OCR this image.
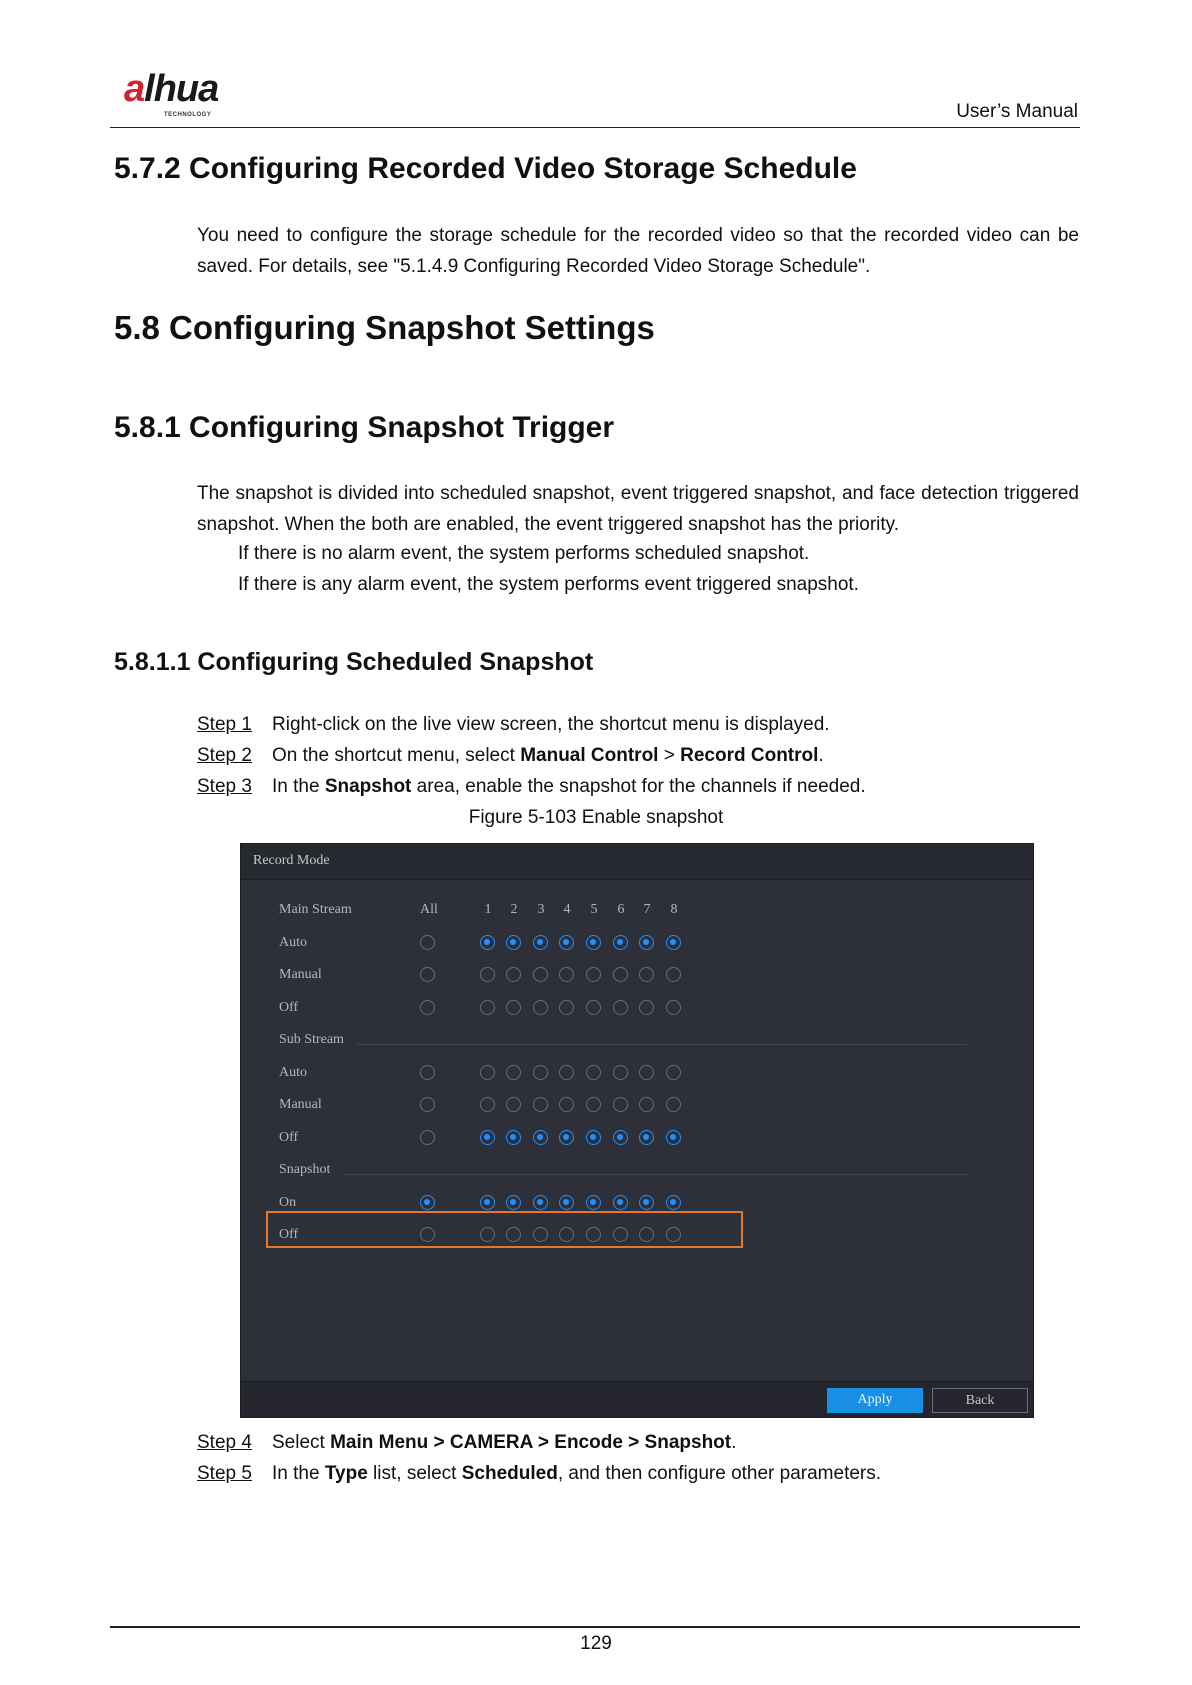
alhua
TECHNOLOGY	User’s Manual
5.7.2 Configuring Recorded Video Storage Schedule
You need to configure the storage schedule for the recorded video so that the recorded video can be saved. For details, see "5.1.4.9 Configuring Recorded Video Storage Schedule".
5.8 Configuring Snapshot Settings
5.8.1 Configuring Snapshot Trigger
The snapshot is divided into scheduled snapshot, event triggered snapshot, and face detection triggered snapshot. When the both are enabled, the event triggered snapshot has the priority.
If there is no alarm event, the system performs scheduled snapshot.
If there is any alarm event, the system performs event triggered snapshot.
5.8.1.1 Configuring Scheduled Snapshot
Step 1 Right-click on the live view screen, the shortcut menu is displayed.
Step 2 On the shortcut menu, select Manual Control > Record Control.
Step 3 In the Snapshot area, enable the snapshot for the channels if needed.
Figure 5-103 Enable snapshot
Record Mode
Apply	Back
Main Stream	All	1	2	3	4	5	6	7	8
Auto
Manual
Off
Sub Stream
Auto
Manual
Off
Snapshot
On
Off
Step 4 Select Main Menu > CAMERA > Encode > Snapshot.
Step 5 In the Type list, select Scheduled, and then configure other parameters.
129
